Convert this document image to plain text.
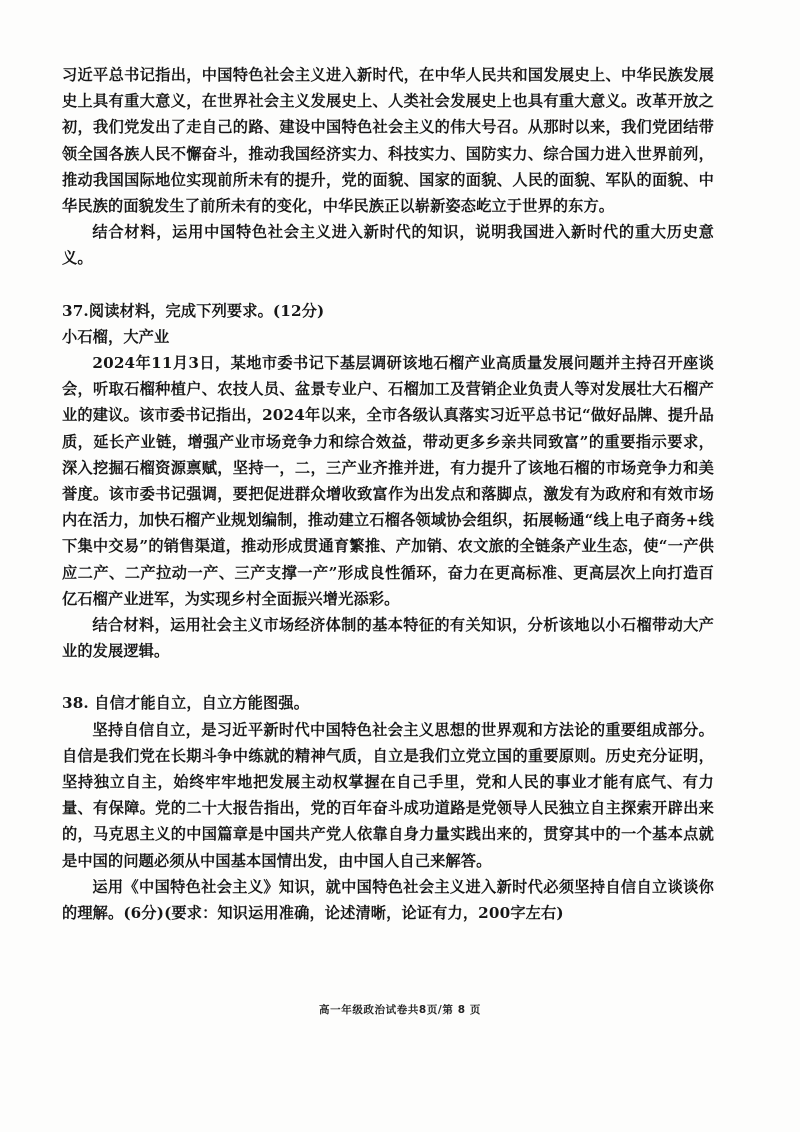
习近平总书记指出，中国特色社会主义进入新时代，在中华人民共和国发展史上、中华民族发展史上具有重大意义，在世界社会主义发展史上、人类社会发展史上也具有重大意义。改革开放之初，我们党发出了走自己的路、建设中国特色社会主义的伟大号召。从那时以来，我们党团结带领全国各族人民不懈奋斗，推动我国经济实力、科技实力、国防实力、综合国力进入世界前列，推动我国国际地位实现前所未有的提升，党的面貌、国家的面貌、人民的面貌、军队的面貌、中华民族的面貌发生了前所未有的变化，中华民族正以崭新姿态屹立于世界的东方。

结合材料，运用中国特色社会主义进入新时代的知识，说明我国进入新时代的重大历史意义。

37.阅读材料，完成下列要求。(12分)

小石榴，大产业

2024年11月3日，某地市委书记下基层调研该地石榴产业高质量发展问题并主持召开座谈会，听取石榴种植户、农技人员、盆景专业户、石榴加工及营销企业负责人等对发展壮大石榴产业的建议。该市委书记指出，2024年以来，全市各级认真落实习近平总书记“做好品牌、提升品质，延长产业链，增强产业市场竞争力和综合效益，带动更多乡亲共同致富”的重要指示要求，深入挖掘石榴资源禀赋，坚持一，二，三产业齐推并进，有力提升了该地石榴的市场竞争力和美誉度。该市委书记强调，要把促进群众增收致富作为出发点和落脚点，激发有为政府和有效市场内在活力，加快石榴产业规划编制，推动建立石榴各领域协会组织，拓展畅通“线上电子商务+线下集中交易”的销售渠道，推动形成贯通育繁推、产加销、农文旅的全链条产业生态，使“一产供应二产、二产拉动一产、三产支撑一产”形成良性循环，奋力在更高标准、更高层次上向打造百亿石榴产业进军，为实现乡村全面振兴增光添彩。

结合材料，运用社会主义市场经济体制的基本特征的有关知识，分析该地以小石榴带动大产业的发展逻辑。

38. 自信才能自立，自立方能图强。

坚持自信自立，是习近平新时代中国特色社会主义思想的世界观和方法论的重要组成部分。自信是我们党在长期斗争中练就的精神气质，自立是我们立党立国的重要原则。历史充分证明，坚持独立自主，始终牢牢地把发展主动权掌握在自己手里，党和人民的事业才能有底气、有力量、有保障。党的二十大报告指出，党的百年奋斗成功道路是党领导人民独立自主探索开辟出来的，马克思主义的中国篇章是中国共产党人依靠自身力量实践出来的，贯穿其中的一个基本点就是中国的问题必须从中国基本国情出发，由中国人自己来解答。

运用《中国特色社会主义》知识，就中国特色社会主义进入新时代必须坚持自信自立谈谈你的理解。(6分)(要求：知识运用准确，论述清晰，论证有力，200字左右)

高一年级政治试卷共8页/第 8 页
